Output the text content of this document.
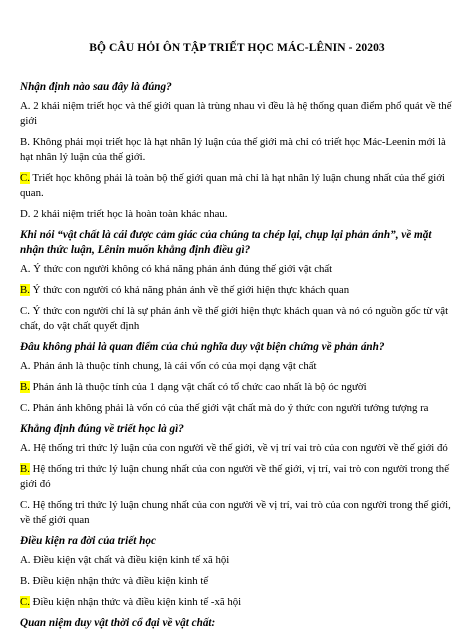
BỘ CÂU HỎI ÔN TẬP TRIẾT HỌC MÁC-LÊNIN - 20203
Nhận định nào sau đây là đúng?
A. 2 khái niệm triết học và thế giới quan là trùng nhau vì đều là hệ thống quan điểm phổ quát về thế giới
B. Không phải mọi triết học là hạt nhân lý luận của thế giới mà chỉ có triết học Mác-Leenin mới là hạt nhân lý luận của thế giới.
C. Triết học không phải là toàn bộ thế giới quan mà chỉ là hạt nhân lý luận chung nhất của thế giới quan.
D. 2 khái niệm triết học là hoàn toàn khác nhau.
Khi nói “vật chất là cái được cảm giác của chúng ta chép lại, chụp lại phản ánh”, về mặt nhận thức luận, Lênin muốn khẳng định điều gì?
A. Ý thức con người không có khả năng phản ánh đúng thế giới vật chất
B. Ý thức con người có khả năng phản ánh về thế giới hiện thực khách quan
C. Ý thức con người chỉ là sự phản ánh về thế giới hiện thực khách quan và nó có nguồn gốc từ vật chất, do vật chất quyết định
Đâu không phải là quan điểm của chủ nghĩa duy vật biện chứng về phản ánh?
A. Phản ánh là thuộc tính chung, là cái vốn có của mọi dạng vật chất
B. Phản ánh là thuộc tính của 1 dạng vật chất có tổ chức cao nhất là bộ óc người
C. Phản ánh không phải là vốn có của thế giới vật chất mà do ý thức con người tưởng tượng ra
Khẳng định đúng về triết học là gì?
A. Hệ thống tri thức lý luận của con người về thế giới, về vị trí vai trò của con người về thế giới đó
B. Hệ thống tri thức lý luận chung nhất của con người về thế giới, vị trí, vai trò con người trong thế giới đó
C. Hệ thống tri thức lý luận chung nhất của con người về vị trí, vai trò của con người trong thế giới, về thế giới quan
Điều kiện ra đời của triết học
A. Điều kiện vật chất và điều kiện kinh tế xã hội
B. Điều kiện nhận thức và điều kiện kinh tế
C. Điều kiện nhận thức và điều kiện kinh tế -xã hội
Quan niệm duy vật thời cổ đại về vật chất:
